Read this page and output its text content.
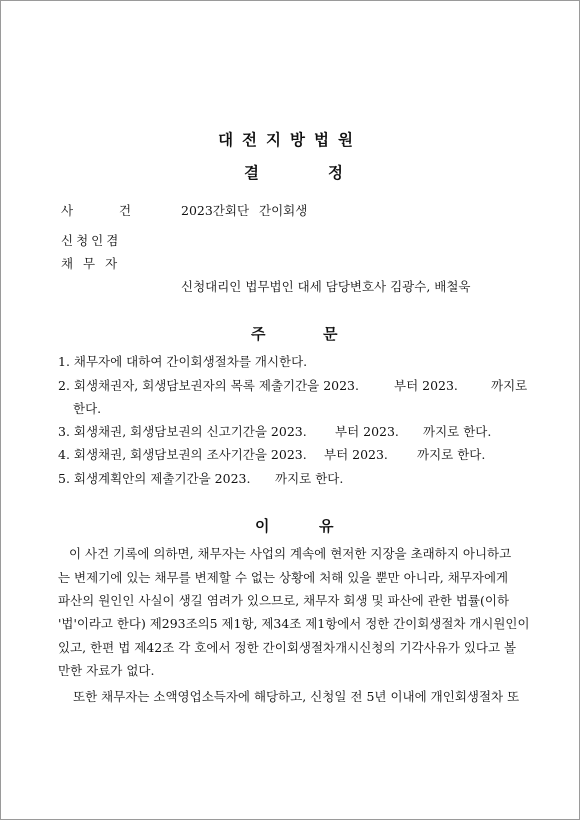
대전지방법원
결	정
사	건	2023간회단 간이회생
신청인겸
채 무 자
신청대리인 법무법인 대세 담당변호사 김광수, 배철욱
주	문
1. 채무자에 대하여 간이회생절차를 개시한다.
2. 회생채권자, 회생담보권자의 목록 제출기간을 2023.	부터 2023.	까지로
한다.
3. 회생채권, 회생담보권의 신고기간을 2023. 부터 2023. 까지로 한다.
4. 회생채권, 회생담보권의 조사기간을 2023. 부터 2023. 까지로 한다.
5. 회생계획안의 제출기간을 2023. 까지로 한다.
이	유
이 사건 기록에 의하면, 채무자는 사업의 계속에 현저한 지장을 초래하지 아니하고
는 변제기에 있는 채무를 변제할 수 없는 상황에 처해 있을 뿐만 아니라, 채무자에게
파산의 원인인 사실이 생길 염려가 있으므로, 채무자 회생 및 파산에 관한 법률(이하
'법'이라고 한다) 제293조의5 제1항, 제34조 제1항에서 정한 간이회생절차 개시원인이
있고, 한편 법 제42조 각 호에서 정한 간이회생절차개시신청의 기각사유가 있다고 볼
만한 자료가 없다.
또한 채무자는 소액영업소득자에 해당하고, 신청일 전 5년 이내에 개인회생절차 또
